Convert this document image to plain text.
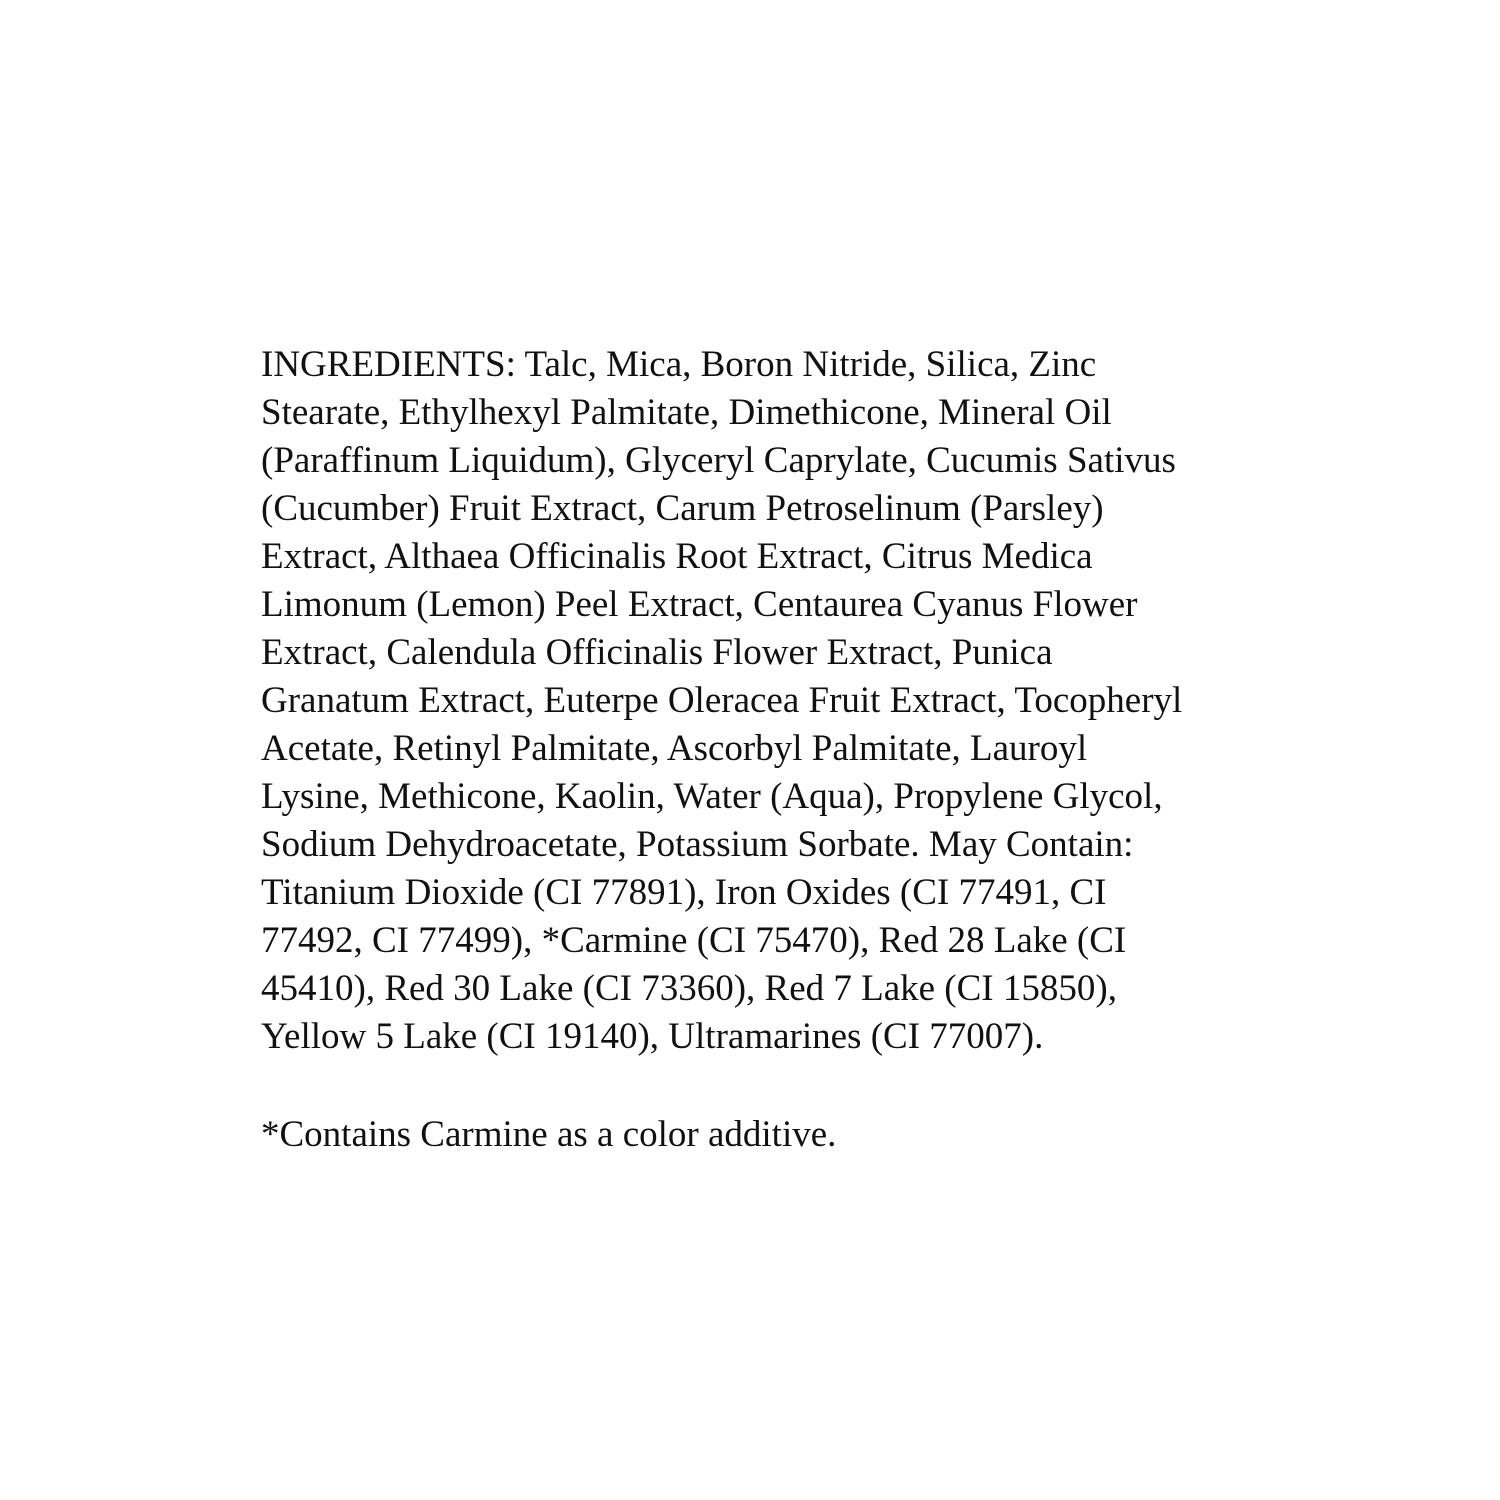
INGREDIENTS: Talc, Mica, Boron Nitride, Silica, Zinc
Stearate, Ethylhexyl Palmitate, Dimethicone, Mineral Oil
(Paraffinum Liquidum), Glyceryl Caprylate, Cucumis Sativus
(Cucumber) Fruit Extract, Carum Petroselinum (Parsley)
Extract, Althaea Officinalis Root Extract, Citrus Medica
Limonum (Lemon) Peel Extract, Centaurea Cyanus Flower
Extract, Calendula Officinalis Flower Extract, Punica
Granatum Extract, Euterpe Oleracea Fruit Extract, Tocopheryl
Acetate, Retinyl Palmitate, Ascorbyl Palmitate, Lauroyl
Lysine, Methicone, Kaolin, Water (Aqua), Propylene Glycol,
Sodium Dehydroacetate, Potassium Sorbate. May Contain:
Titanium Dioxide (CI 77891), Iron Oxides (CI 77491, CI
77492, CI 77499), *Carmine (CI 75470), Red 28 Lake (CI
45410), Red 30 Lake (CI 73360), Red 7 Lake (CI 15850),
Yellow 5 Lake (CI 19140), Ultramarines (CI 77007).

*Contains Carmine as a color additive.
